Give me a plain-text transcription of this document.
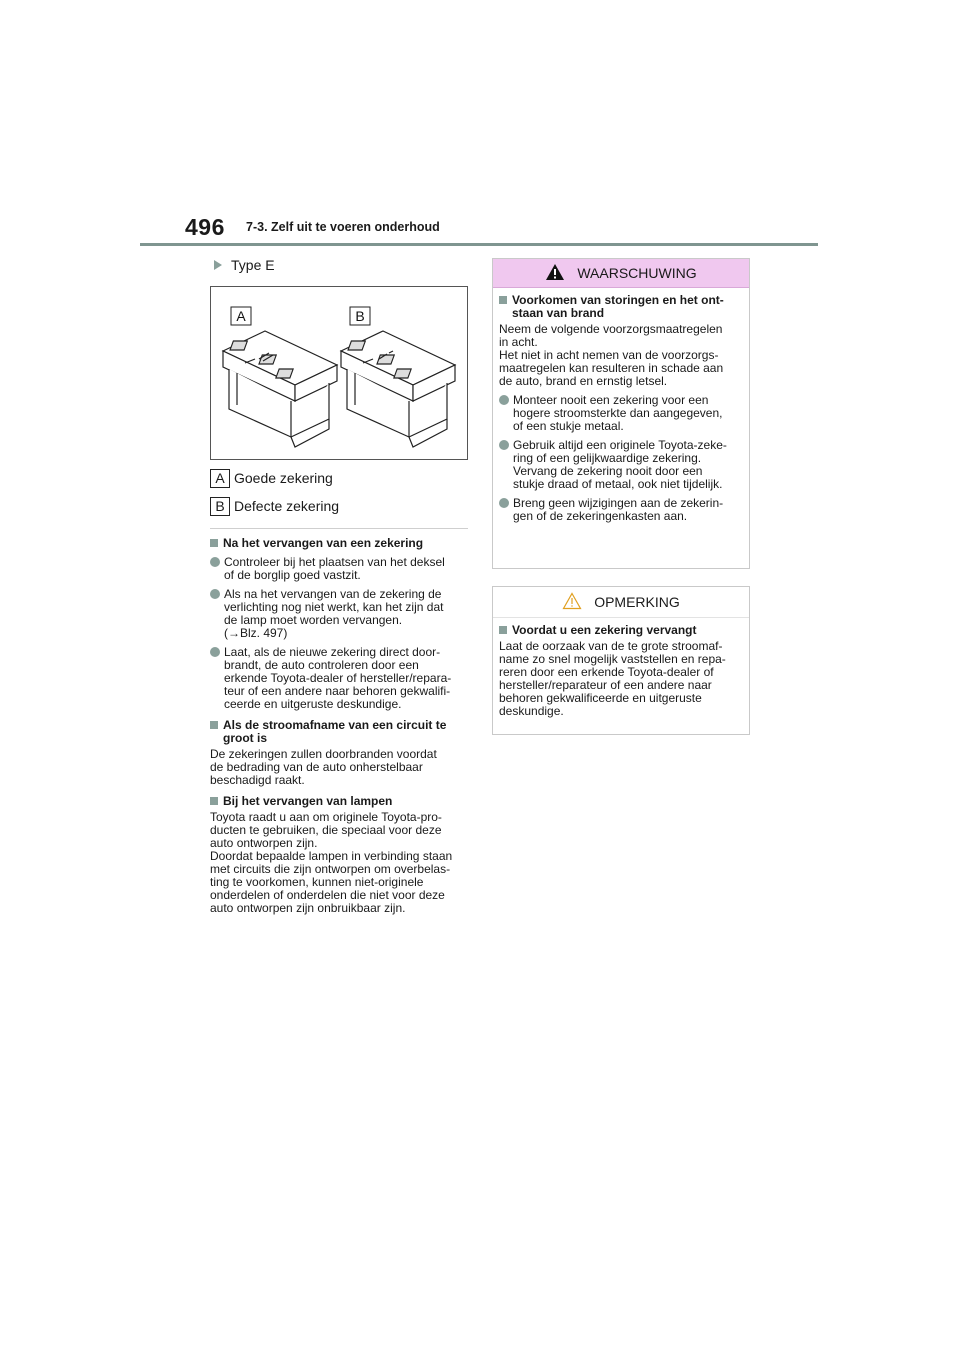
496 7-3. Zelf uit te voeren onderhoud
Type E
A	B
A Goede zekering
B Defecte zekering
Na het vervangen van een zekering
Controleer bij het plaatsen van het deksel
of de borglip goed vastzit.
Als na het vervangen van de zekering de
verlichting nog niet werkt, kan het zijn dat
de lamp moet worden vervangen.
(→Blz. 497)
Laat, als de nieuwe zekering direct door-
brandt, de auto controleren door een
erkende Toyota-dealer of hersteller/repara-
teur of een andere naar behoren gekwalifi-
ceerde en uitgeruste deskundige.
Als de stroomafname van een circuit te
groot is
De zekeringen zullen doorbranden voordat
de bedrading van de auto onherstelbaar
beschadigd raakt.
Bij het vervangen van lampen
Toyota raadt u aan om originele Toyota-pro-
ducten te gebruiken, die speciaal voor deze
auto ontworpen zijn.
Doordat bepaalde lampen in verbinding staan
met circuits die zijn ontworpen om overbelas-
ting te voorkomen, kunnen niet-originele
onderdelen of onderdelen die niet voor deze
auto ontworpen zijn onbruikbaar zijn.
WAARSCHUWING
Voorkomen van storingen en het ont-
staan van brand
Neem de volgende voorzorgsmaatregelen
in acht.
Het niet in acht nemen van de voorzorgs-
maatregelen kan resulteren in schade aan
de auto, brand en ernstig letsel.
Monteer nooit een zekering voor een
hogere stroomsterkte dan aangegeven,
of een stukje metaal.
Gebruik altijd een originele Toyota-zeke-
ring of een gelijkwaardige zekering.
Vervang de zekering nooit door een
stukje draad of metaal, ook niet tijdelijk.
Breng geen wijzigingen aan de zekerin-
gen of de zekeringenkasten aan.
OPMERKING
Voordat u een zekering vervangt
Laat de oorzaak van de te grote stroomaf-
name zo snel mogelijk vaststellen en repa-
reren door een erkende Toyota-dealer of
hersteller/reparateur of een andere naar
behoren gekwalificeerde en uitgeruste
deskundige.
